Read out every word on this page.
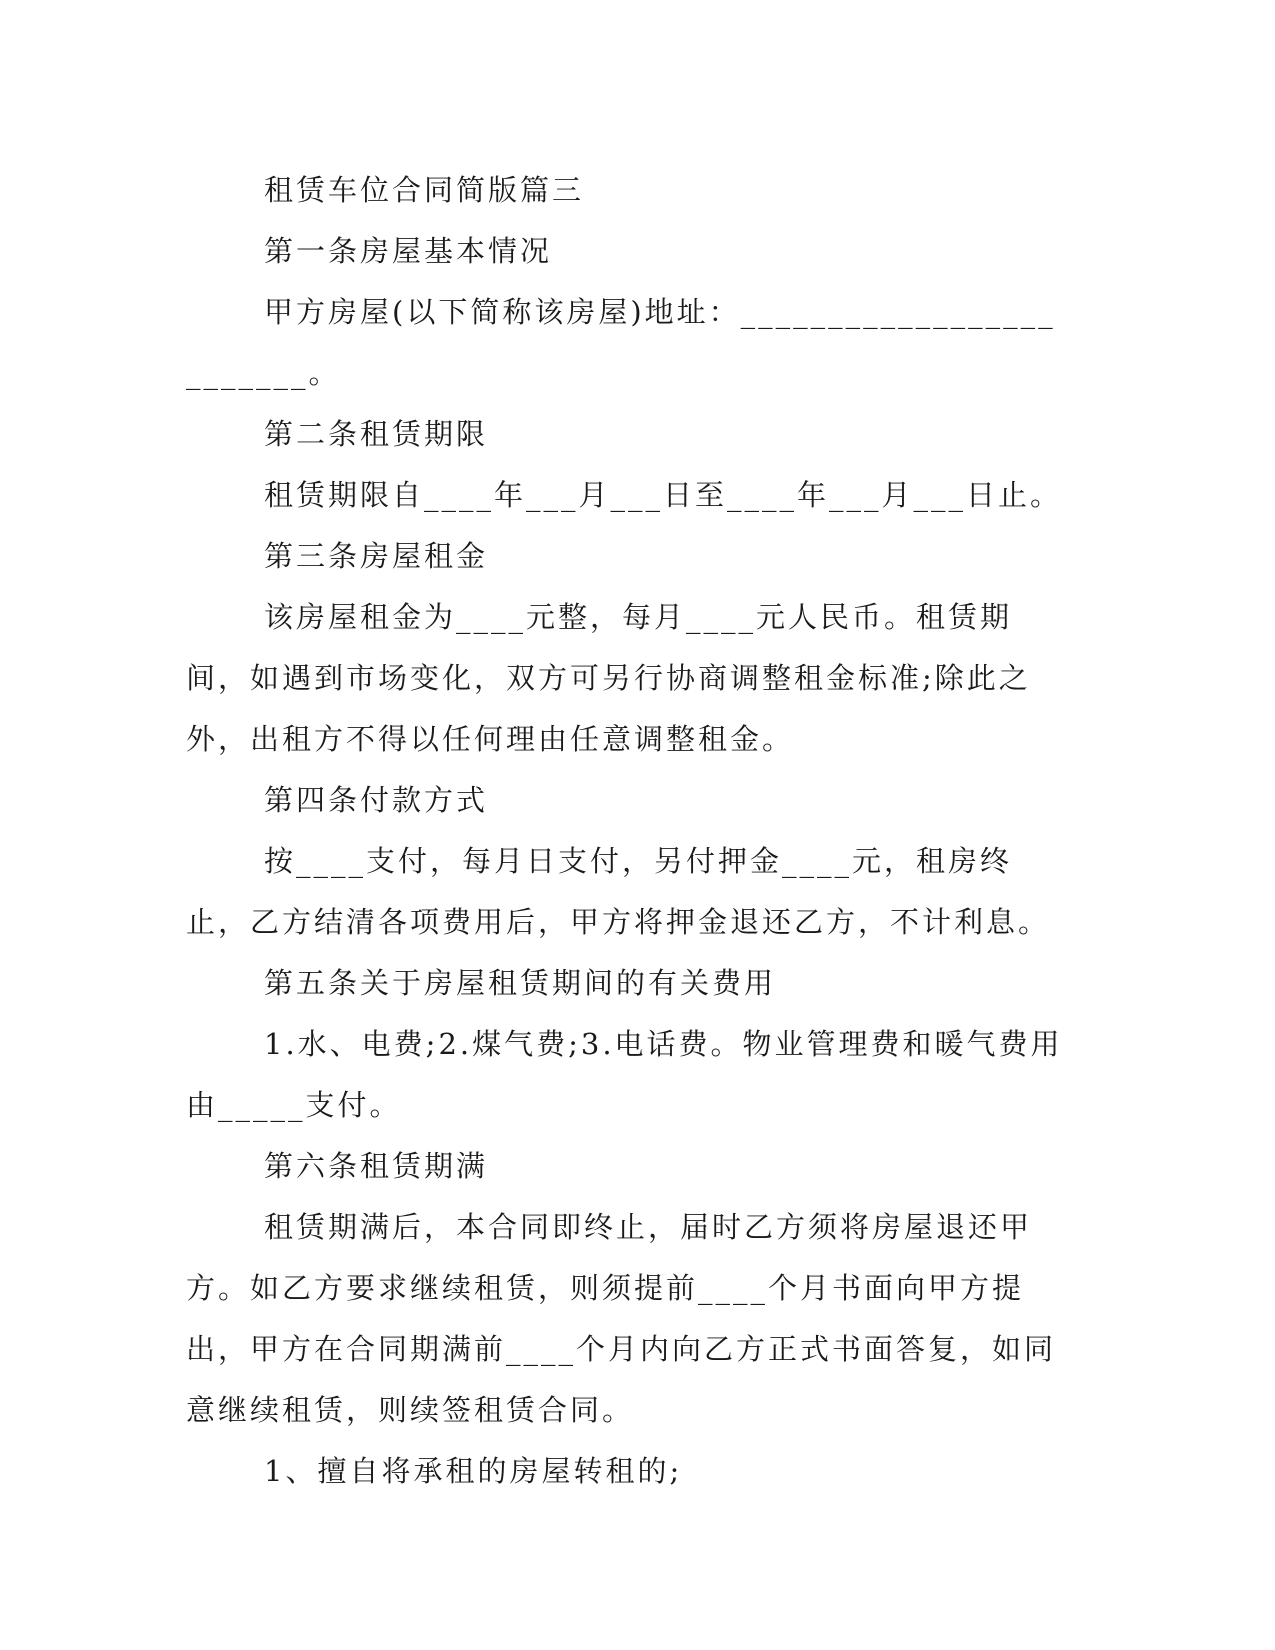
租赁车位合同简版篇三

第一条房屋基本情况

甲方房屋(以下简称该房屋)地址：_________________________。

第二条租赁期限

租赁期限自____年___月___日至____年___月___日止。

第三条房屋租金

该房屋租金为____元整，每月____元人民币。租赁期间，如遇到市场变化，双方可另行协商调整租金标准;除此之外，出租方不得以任何理由任意调整租金。

第四条付款方式

按____支付，每月日支付，另付押金____元，租房终止，乙方结清各项费用后，甲方将押金退还乙方，不计利息。

第五条关于房屋租赁期间的有关费用

1.水、电费;2.煤气费;3.电话费。物业管理费和暖气费用由_____支付。

第六条租赁期满

租赁期满后，本合同即终止，届时乙方须将房屋退还甲方。如乙方要求继续租赁，则须提前____个月书面向甲方提出，甲方在合同期满前____个月内向乙方正式书面答复，如同意继续租赁，则续签租赁合同。

1、擅自将承租的房屋转租的;
